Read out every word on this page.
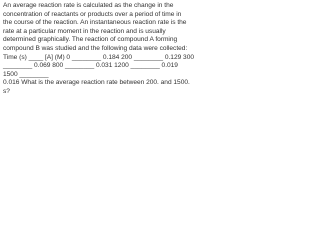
An average reaction rate is calculated as the change in the

concentration of reactants or products over a period of time in

the course of the reaction. An instantaneous reaction rate is the

rate at a particular moment in the reaction and is usually

determined graphically. The reaction of compound A forming

compound B was studied and the following data were collected:

Time (s) ____ [A] (M) 0 ________ 0.184 200 ________ 0.129 300

________ 0.069 800 ________ 0.031 1200 ________ 0.019 1500 ________

0.016 What is the average reaction rate between 200. and 1500.

s?
